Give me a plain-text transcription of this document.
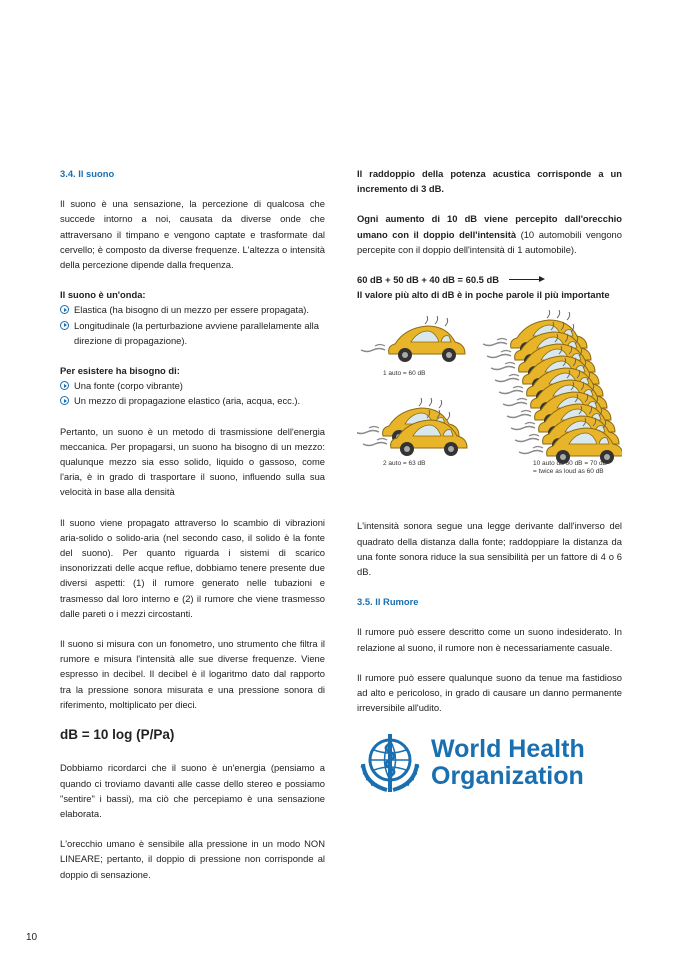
3.4. Il suono

Il suono è una sensazione, la percezione di qualcosa che succede intorno a noi, causata da diverse onde che attraversano il timpano e vengono captate e trasformate dal cervello; è composto da diverse frequenze. L'altezza o intensità della percezione dipende dalla frequenza.

Il suono è un'onda:
Elastica (ha bisogno di un mezzo per essere propagata).
Longitudinale (la perturbazione avviene parallelamente alla direzione di propagazione).
Per esistere ha bisogno di:
Una fonte (corpo vibrante)
Un mezzo di propagazione elastico (aria, acqua, ecc.).

Pertanto, un suono è un metodo di trasmissione dell'energia meccanica. Per propagarsi, un suono ha bisogno di un mezzo: qualunque mezzo sia esso solido, liquido o gassoso, come l'aria, è in grado di trasportare il suono, influendo sulla sua velocità in base alla densità

Il suono viene propagato attraverso lo scambio di vibrazioni aria-solido o solido-aria (nel secondo caso, il solido è la fonte del suono). Per quanto riguarda i sistemi di scarico insonorizzati delle acque reflue, dobbiamo tenere presente due diversi aspetti: (1) il rumore generato nelle tubazioni e trasmesso dal loro interno e (2) il rumore che viene trasmesso dalle pareti o i mezzi circostanti.

Il suono si misura con un fonometro, uno strumento che filtra il rumore e misura l'intensità alle sue diverse frequenze. Viene espresso in decibel. Il decibel è il logaritmo dato dal rapporto tra la pressione sonora misurata e una pressione sonora di riferimento, moltiplicato per dieci.

dB = 10 log (P/Pa)

Dobbiamo ricordarci che il suono è un'energia (pensiamo a quando ci troviamo davanti alle casse dello stereo e possiamo "sentire" i bassi), ma ciò che percepiamo è una sensazione elaborata.

L'orecchio umano è sensibile alla pressione in un modo NON LINEARE; pertanto, il doppio di pressione non corrisponde al doppio di sensazione.

Il raddoppio della potenza acustica corrisponde a un incremento di 3 dB.

Ogni aumento di 10 dB viene percepito dall'orecchio umano con il doppio dell'intensità (10 automobili vengono percepite con il doppio dell'intensità di 1 automobile).

60 dB + 50 dB + 40 dB = 60.5 dB
Il valore più alto di dB è in poche parole il più importante
1 auto = 60 dB
2 auto = 63 dB	10 auto da 60 dB = 70 dB
= twice as loud as 60 dB

L'intensità sonora segue una legge derivante dall'inverso del quadrato della distanza dalla fonte; raddoppiare la distanza da una fonte sonora riduce la sua sensibilità per un fattore di 4 o 6 dB.

3.5. Il Rumore

Il rumore può essere descritto come un suono indesiderato. In relazione al suono, il rumore non è necessariamente casuale.

Il rumore può essere qualunque suono da tenue ma fastidioso ad alto e pericoloso, in grado di causare un danno permanente irreversibile all'udito.

World Health
Organization
10
